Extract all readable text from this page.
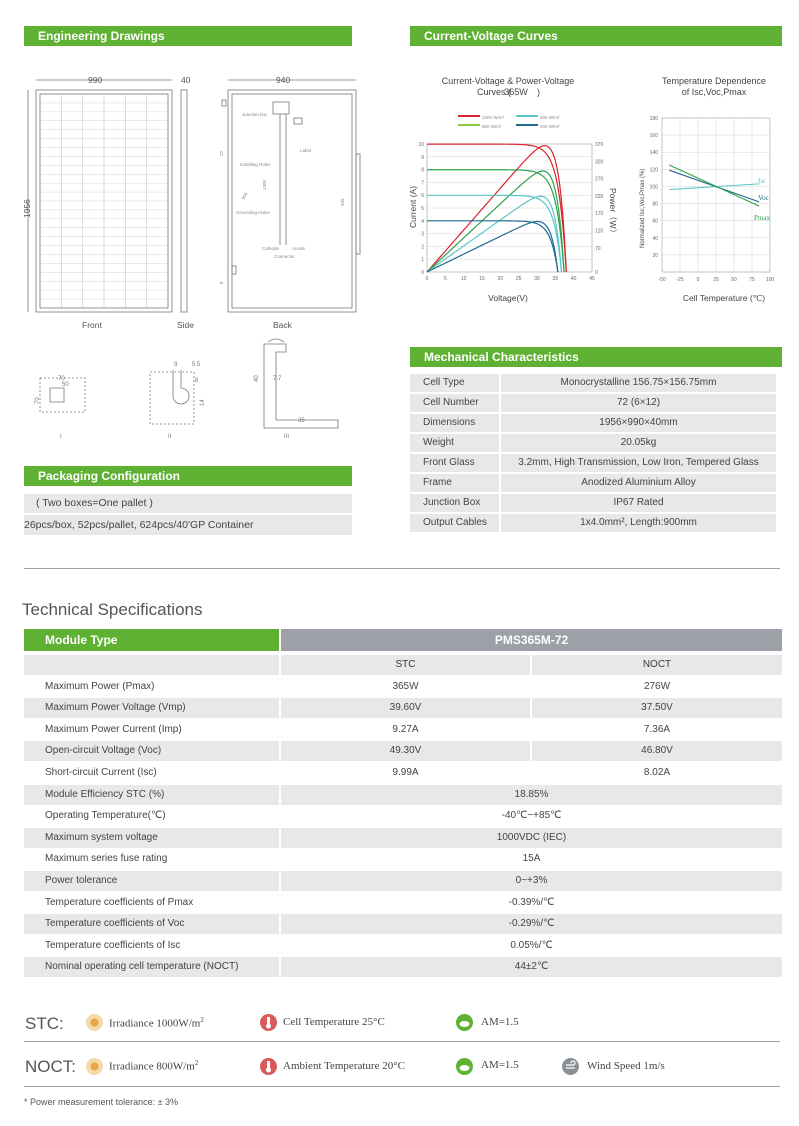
Engineering Drawings	Current-Voltage Curves
990
1956
Front
40
Side
940
Junction box
Label
Installing Holes
Grounding Holes
Cathode	Anode
Connector
22
1300
956
939
8
Back
70
50
70
I
9 5.5
8
14
II
40 7.7
35
III
Current-Voltage & Power-Voltage
Curves (
365W )
1000 W/m²
800 W/m²
600 W/m²
400 W/m²
0
1
2
3
4
5
6
7
8
9
10
0	5	10	15	20	25	30	35	40	45
0
70
120
170
220
270
320
370
Voltage(V)
Current (A)	Power（W）
Temperature Dependence
of Isc,Voc,Pmax
20
40
60
80
100
120
140
160
180
-50 -25	0	25 50 75 100
Cell Temperature (℃)
Normalized Isc,Voc,Pmax (%)	Isc
Voc
Pmax
Mechanical Characteristics
Cell Type	Monocrystalline 156.75×156.75mm
Cell Number	72 (6×12)
Dimensions	1956×990×40mm
Weight	20.05kg
Front Glass	3.2mm, High Transmission, Low Iron, Tempered Glass
Frame	Anodized Aluminium Alloy
Junction Box	IP67 Rated
Output Cables	1x4.0mm², Length:900mm
Packaging Configuration
( Two boxes=One pallet )
26pcs/box, 52pcs/pallet, 624pcs/40'GP Container
Technical Specifications
Module Type	PMS365M-72
STC	NOCT
Maximum Power (Pmax)	365W	276W
Maximum Power Voltage (Vmp)	39.60V	37.50V
Maximum Power Current (Imp)	9.27A	7.36A
Open-circuit Voltage (Voc)	49.30V	46.80V
Short-circuit Current (Isc)	9.99A	8.02A
Module Efficiency STC (%)	18.85%
Operating Temperature(℃)	-40℃~+85℃
Maximum system voltage	1000VDC (IEC)
Maximum series fuse rating	15A
Power tolerance	0~+3%
Temperature coefficients of Pmax	-0.39%/℃
Temperature coefficients of Voc	-0.29%/℃
Temperature coefficients of Isc	0.05%/℃
Nominal operating cell temperature (NOCT)	44±2℃
STC:	Irradiance $1000W/m^2$	Cell Temperature 25°C	AM=1.5
NOCT:	Irradiance $800W/m^2$	Ambient Temperature 20°C	AM=1.5	Wind Speed 1m/s
* Power measurement tolerance: ± 3%
